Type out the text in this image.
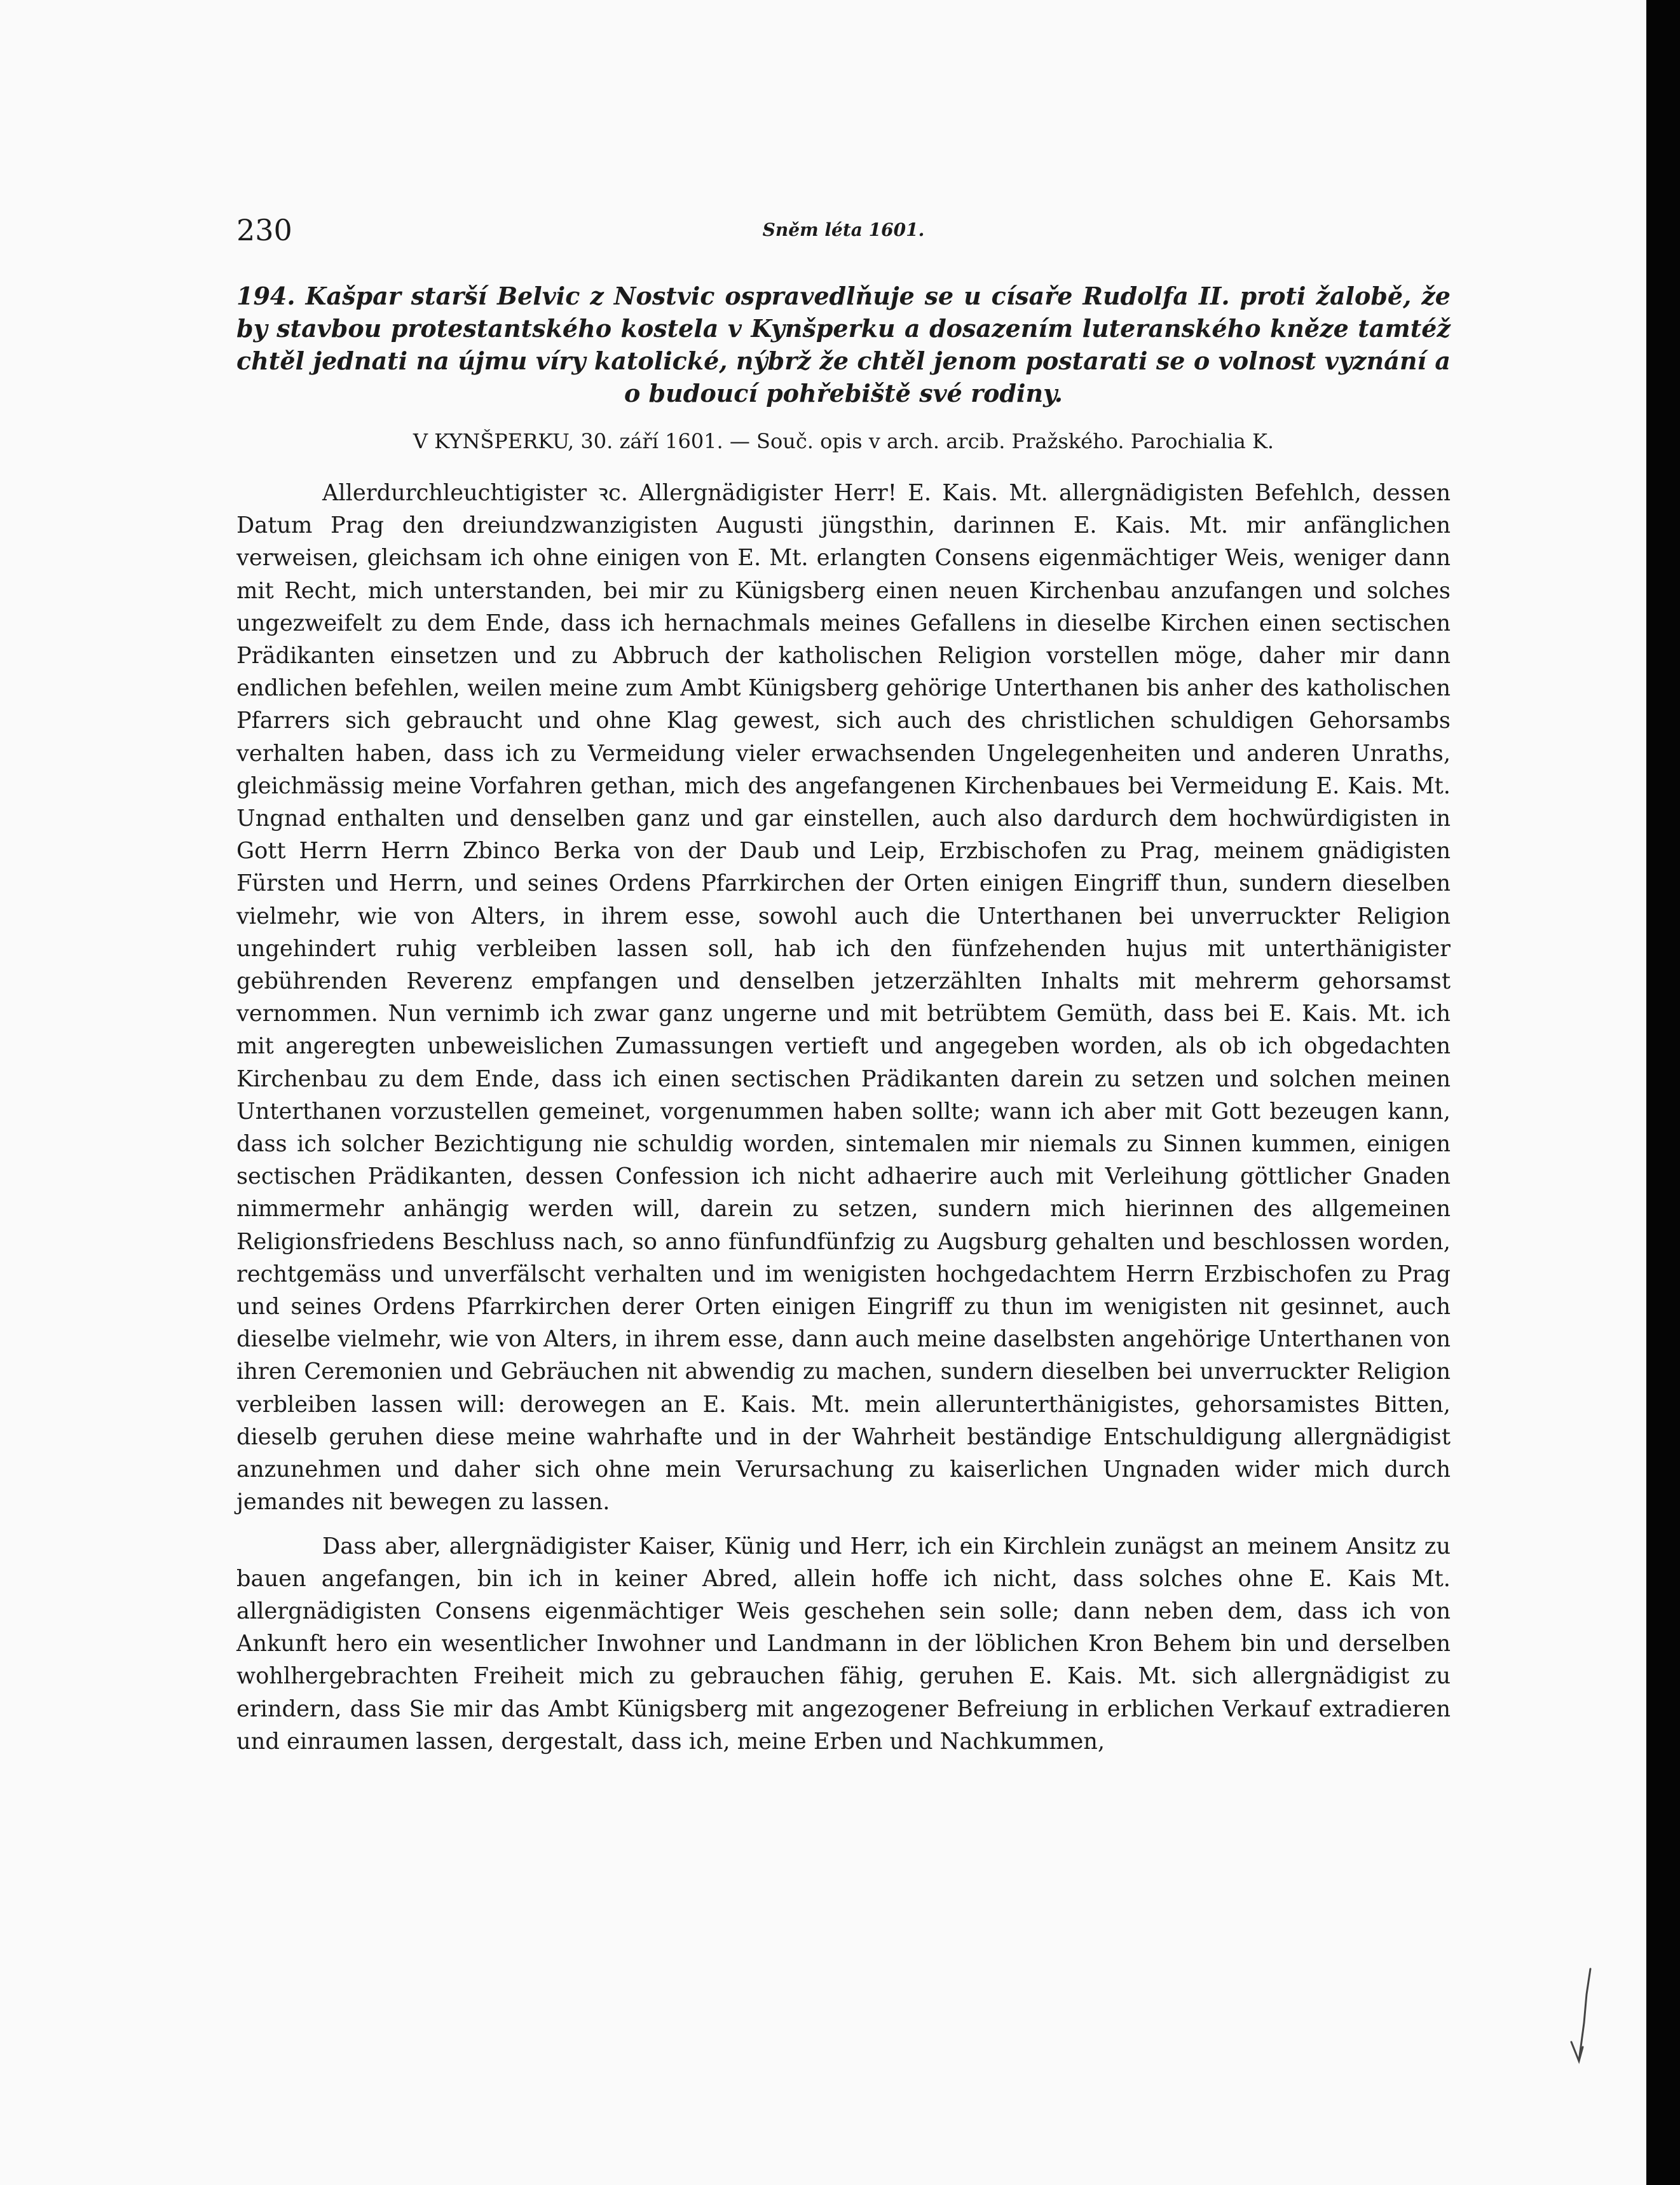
230	Sněm léta 1601.
194. Kašpar starší Belvic z Nostvic ospravedlňuje se u císaře Rudolfa II. proti žalobě, že by stavbou protestantského kostela v Kynšperku a dosazením luteranského kněze tamtéž chtěl jednati na újmu víry katolické, nýbrž že chtěl jenom postarati se o volnost vyznání a o budoucí pohřebiště své rodiny.
V KYNŠPERKU, 30. září 1601. — Souč. opis v arch. arcib. Pražského. Parochialia K.

Allerdurchleuchtigister ꝛc. Allergnädigister Herr! E. Kais. Mt. allergnädigisten Befehlch, dessen Datum Prag den dreiundzwanzigisten Augusti jüngsthin, darinnen E. Kais. Mt. mir anfänglichen verweisen, gleichsam ich ohne einigen von E. Mt. erlangten Consens eigenmächtiger Weis, weniger dann mit Recht, mich unterstanden, bei mir zu Künigsberg einen neuen Kirchenbau anzufangen und solches ungezweifelt zu dem Ende, dass ich hernachmals meines Gefallens in dieselbe Kirchen einen sectischen Prädikanten einsetzen und zu Abbruch der katholischen Religion vorstellen möge, daher mir dann endlichen befehlen, weilen meine zum Ambt Künigsberg gehörige Unterthanen bis anher des katholischen Pfarrers sich gebraucht und ohne Klag gewest, sich auch des christlichen schuldigen Gehorsambs verhalten haben, dass ich zu Vermeidung vieler erwachsenden Ungelegenheiten und anderen Unraths, gleichmässig meine Vorfahren gethan, mich des angefangenen Kirchenbaues bei Vermeidung E. Kais. Mt. Ungnad enthalten und denselben ganz und gar einstellen, auch also dardurch dem hochwürdigisten in Gott Herrn Herrn Zbinco Berka von der Daub und Leip, Erzbischofen zu Prag, meinem gnädigisten Fürsten und Herrn, und seines Ordens Pfarrkirchen der Orten einigen Eingriff thun, sundern dieselben vielmehr, wie von Alters, in ihrem esse, sowohl auch die Unterthanen bei unverruckter Religion ungehindert ruhig verbleiben lassen soll, hab ich den fünfzehenden hujus mit unterthänigister gebührenden Reverenz empfangen und denselben jetzerzählten Inhalts mit mehrerm gehorsamst vernommen. Nun vernimb ich zwar ganz ungerne und mit betrübtem Gemüth, dass bei E. Kais. Mt. ich mit angeregten unbeweislichen Zumassungen vertieft und angegeben worden, als ob ich obgedachten Kirchenbau zu dem Ende, dass ich einen sectischen Prädikanten darein zu setzen und solchen meinen Unterthanen vorzustellen gemeinet, vorgenummen haben sollte; wann ich aber mit Gott bezeugen kann, dass ich solcher Bezichtigung nie schuldig worden, sintemalen mir niemals zu Sinnen kummen, einigen sectischen Prädikanten, dessen Confession ich nicht adhaerire auch mit Verleihung göttlicher Gnaden nimmermehr anhängig werden will, darein zu setzen, sundern mich hierinnen des allgemeinen Religionsfriedens Beschluss nach, so anno fünfundfünfzig zu Augsburg gehalten und beschlossen worden, rechtgemäss und unverfälscht verhalten und im wenigisten hochgedachtem Herrn Erzbischofen zu Prag und seines Ordens Pfarrkirchen derer Orten einigen Eingriff zu thun im wenigisten nit gesinnet, auch dieselbe vielmehr, wie von Alters, in ihrem esse, dann auch meine daselbsten angehörige Unterthanen von ihren Ceremonien und Gebräuchen nit abwendig zu machen, sundern dieselben bei unverruckter Religion verbleiben lassen will: derowegen an E. Kais. Mt. mein allerunterthänigistes, gehorsamistes Bitten, dieselb geruhen diese meine wahrhafte und in der Wahrheit beständige Entschuldigung allergnädigist anzunehmen und daher sich ohne mein Verursachung zu kaiserlichen Ungnaden wider mich durch jemandes nit bewegen zu lassen.

Dass aber, allergnädigister Kaiser, Künig und Herr, ich ein Kirchlein zunägst an meinem Ansitz zu bauen angefangen, bin ich in keiner Abred, allein hoffe ich nicht, dass solches ohne E. Kais Mt. allergnädigisten Consens eigenmächtiger Weis geschehen sein solle; dann neben dem, dass ich von Ankunft hero ein wesentlicher Inwohner und Landmann in der löblichen Kron Behem bin und derselben wohlhergebrachten Freiheit mich zu gebrauchen fähig, geruhen E. Kais. Mt. sich allergnädigist zu erindern, dass Sie mir das Ambt Künigsberg mit angezogener Befreiung in erblichen Verkauf extradieren und einraumen lassen, dergestalt, dass ich, meine Erben und Nachkummen,
